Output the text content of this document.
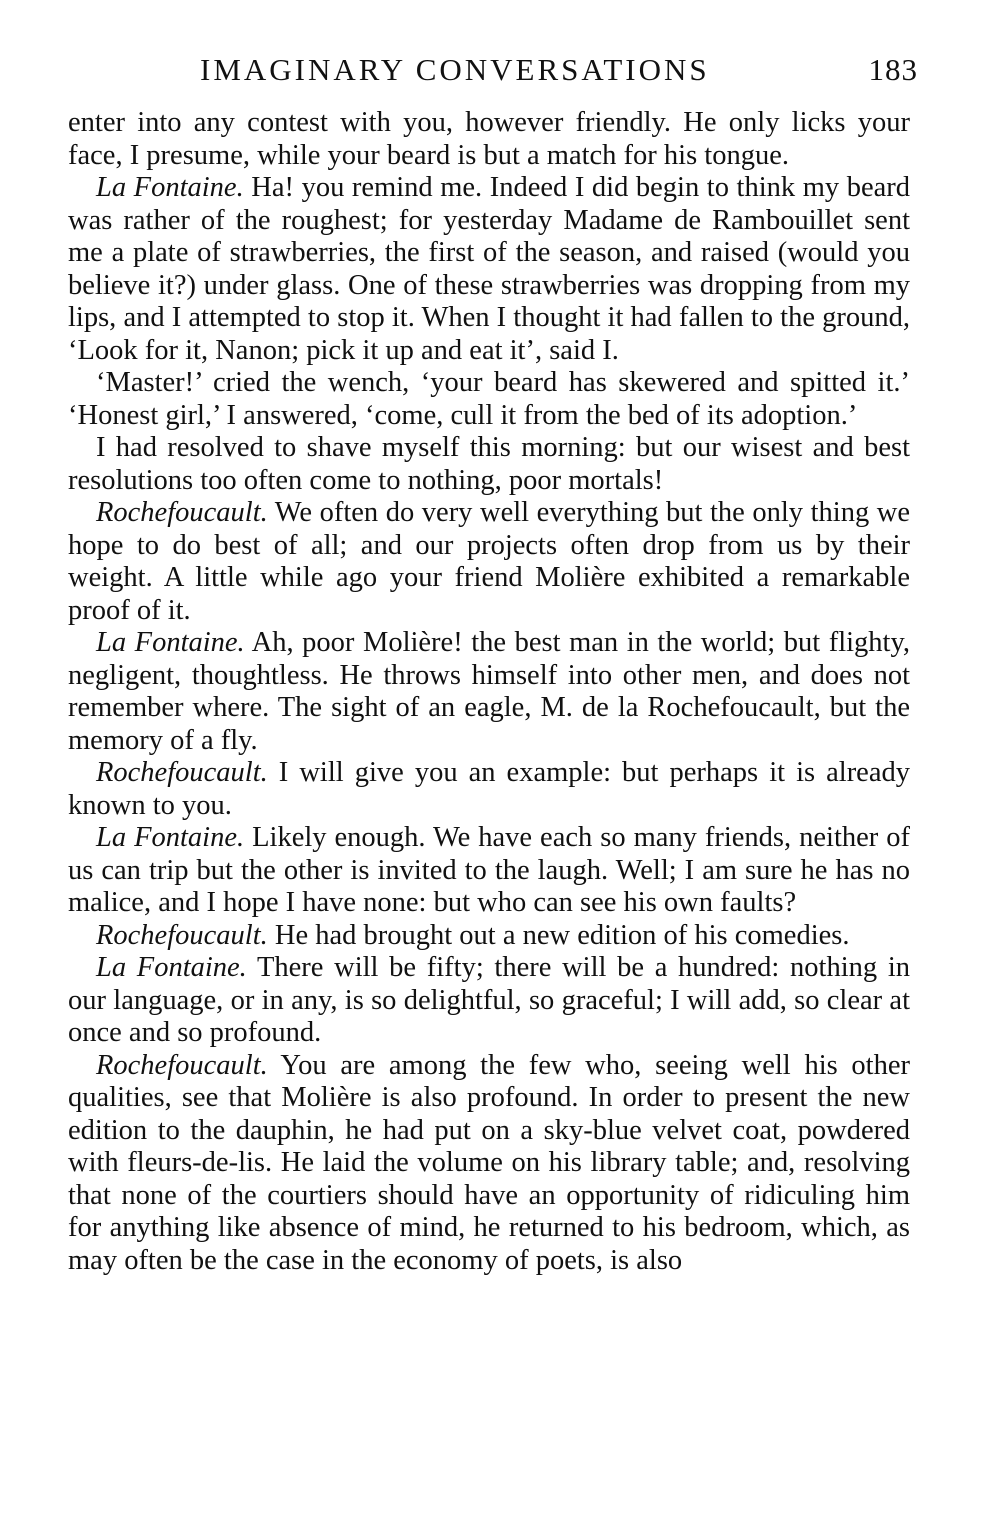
IMAGINARY CONVERSATIONS	183

enter into any contest with you, however friendly. He only licks your face, I presume, while your beard is but a match for his tongue.

La Fontaine. Ha! you remind me. Indeed I did begin to think my beard was rather of the roughest; for yesterday Madame de Rambouillet sent me a plate of strawberries, the first of the season, and raised (would you believe it?) under glass. One of these strawberries was dropping from my lips, and I attempted to stop it. When I thought it had fallen to the ground, ‘Look for it, Nanon; pick it up and eat it’, said I.

‘Master!’ cried the wench, ‘your beard has skewered and spitted it.’ ‘Honest girl,’ I answered, ‘come, cull it from the bed of its adoption.’

I had resolved to shave myself this morning: but our wisest and best resolutions too often come to nothing, poor mortals!

Rochefoucault. We often do very well everything but the only thing we hope to do best of all; and our projects often drop from us by their weight. A little while ago your friend Molière exhibited a remarkable proof of it.

La Fontaine. Ah, poor Molière! the best man in the world; but flighty, negligent, thoughtless. He throws himself into other men, and does not remember where. The sight of an eagle, M. de la Rochefoucault, but the memory of a fly.

Rochefoucault. I will give you an example: but perhaps it is already known to you.

La Fontaine. Likely enough. We have each so many friends, neither of us can trip but the other is invited to the laugh. Well; I am sure he has no malice, and I hope I have none: but who can see his own faults?

Rochefoucault. He had brought out a new edition of his comedies.

La Fontaine. There will be fifty; there will be a hundred: nothing in our language, or in any, is so delightful, so graceful; I will add, so clear at once and so profound.

Rochefoucault. You are among the few who, seeing well his other qualities, see that Molière is also profound. In order to present the new edition to the dauphin, he had put on a sky-blue velvet coat, powdered with fleurs-de-lis. He laid the volume on his library table; and, resolving that none of the courtiers should have an opportunity of ridiculing him for anything like absence of mind, he returned to his bedroom, which, as may often be the case in the economy of poets, is also
